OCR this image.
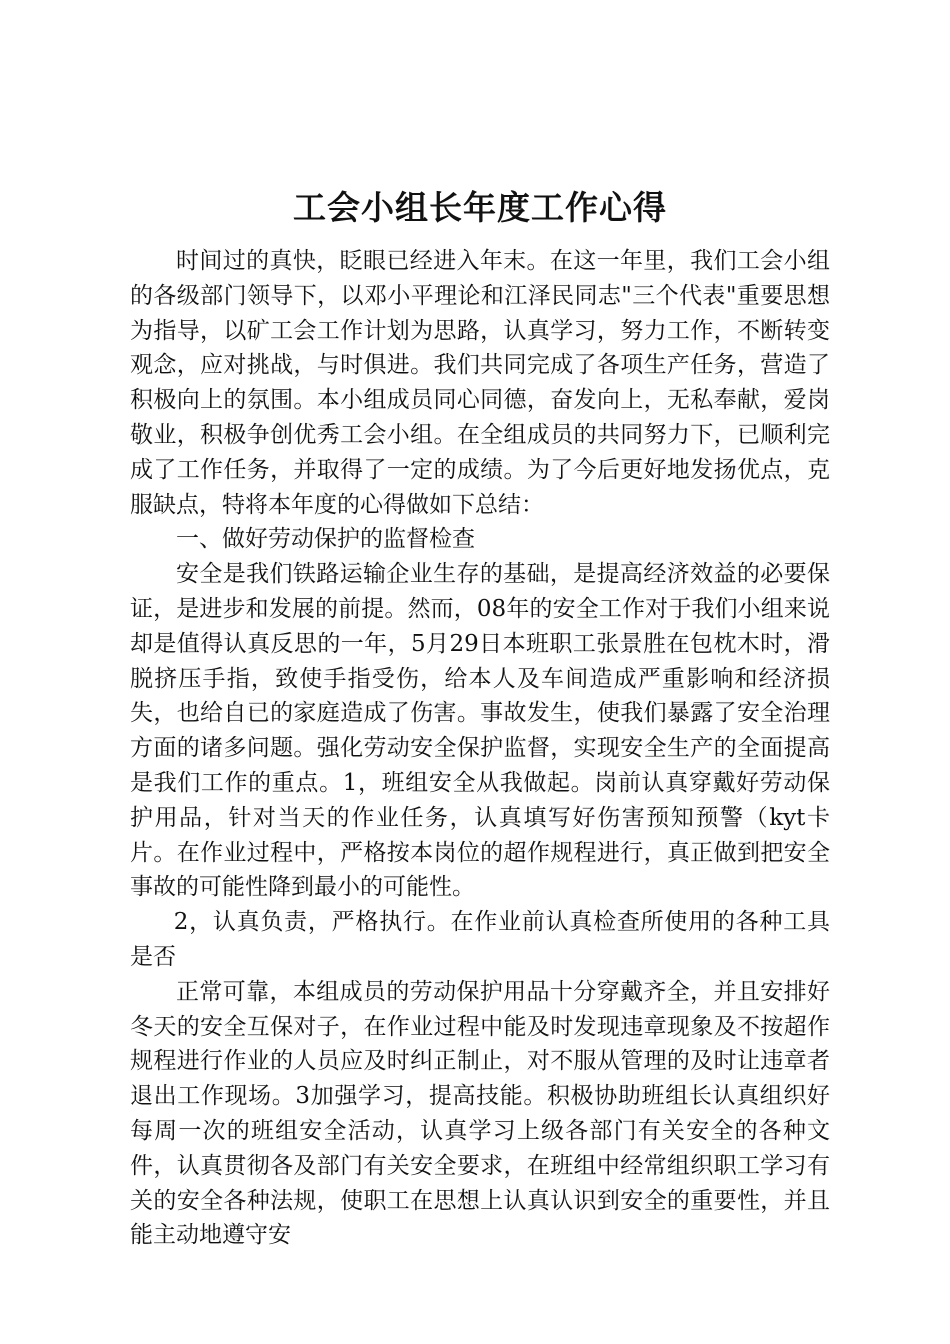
工会小组长年度工作心得

时间过的真快，眨眼已经进入年末。在这一年里，我们工会小组的各级部门领导下，以邓小平理论和江泽民同志"三个代表"重要思想为指导，以矿工会工作计划为思路，认真学习，努力工作，不断转变观念，应对挑战，与时俱进。我们共同完成了各项生产任务，营造了积极向上的氛围。本小组成员同心同德，奋发向上，无私奉献，爱岗敬业，积极争创优秀工会小组。在全组成员的共同努力下，已顺利完成了工作任务，并取得了一定的成绩。为了今后更好地发扬优点，克服缺点，特将本年度的心得做如下总结：

一、做好劳动保护的监督检查

安全是我们铁路运输企业生存的基础，是提高经济效益的必要保证，是进步和发展的前提。然而，08年的安全工作对于我们小组来说却是值得认真反思的一年，5月29日本班职工张景胜在包枕木时，滑脱挤压手指，致使手指受伤，给本人及车间造成严重影响和经济损失，也给自已的家庭造成了伤害。事故发生，使我们暴露了安全治理方面的诸多问题。强化劳动安全保护监督，实现安全生产的全面提高是我们工作的重点。1，班组安全从我做起。岗前认真穿戴好劳动保护用品，针对当天的作业任务，认真填写好伤害预知预警（kyt卡片。在作业过程中，严格按本岗位的超作规程进行，真正做到把安全事故的可能性降到最小的可能性。

2，认真负责，严格执行。在作业前认真检查所使用的各种工具是否

正常可靠，本组成员的劳动保护用品十分穿戴齐全，并且安排好冬天的安全互保对子，在作业过程中能及时发现违章现象及不按超作规程进行作业的人员应及时纠正制止，对不服从管理的及时让违章者退出工作现场。3加强学习，提高技能。积极协助班组长认真组织好每周一次的班组安全活动，认真学习上级各部门有关安全的各种文件，认真贯彻各及部门有关安全要求，在班组中经常组织职工学习有关的安全各种法规，使职工在思想上认真认识到安全的重要性，并且能主动地遵守安
